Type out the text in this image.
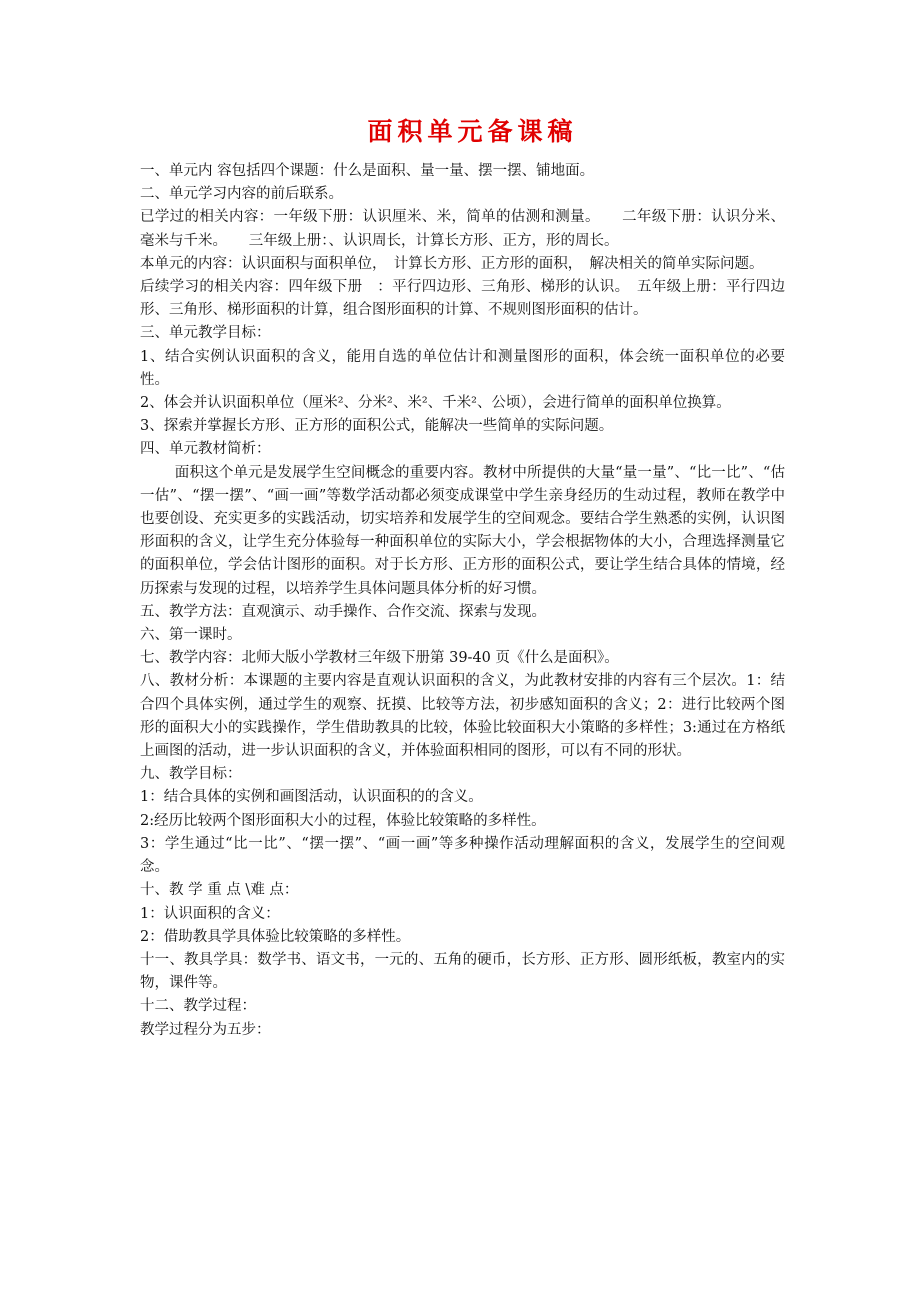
面积单元备课稿

一、单元内 容包括四个课题：什么是面积、量一量、摆一摆、铺地面。

二、单元学习内容的前后联系。

已学过的相关内容：一年级下册：认识厘米、米，简单的估测和测量。　　二年级下册：认识分米、毫米与千米。　　三年级上册：、认识周长，计算长方形、正方，形的周长。

本单元的内容：认识面积与面积单位，　计算长方形、正方形的面积，　解决相关的简单实际问题。

后续学习的相关内容：四年级下册　：平行四边形、三角形、梯形的认识。　五年级上册：平行四边形、三角形、梯形面积的计算，组合图形面积的计算、不规则图形面积的估计。

三、单元教学目标：

1、结合实例认识面积的含义，能用自选的单位估计和测量图形的面积，体会统一面积单位的必要性。

2、体会并认识面积单位（厘米²、分米²、米²、千米²、公顷），会进行简单的面积单位换算。

3、探索并掌握长方形、正方形的面积公式，能解决一些简单的实际问题。

四、单元教材简析：

面积这个单元是发展学生空间概念的重要内容。教材中所提供的大量“量一量”、“比一比”、“估一估”、“摆一摆”、“画一画”等数学活动都必须变成课堂中学生亲身经历的生动过程，教师在教学中也要创设、充实更多的实践活动，切实培养和发展学生的空间观念。要结合学生熟悉的实例，认识图形面积的含义，让学生充分体验每一种面积单位的实际大小，学会根据物体的大小，合理选择测量它的面积单位，学会估计图形的面积。对于长方形、正方形的面积公式，要让学生结合具体的情境，经历探索与发现的过程，以培养学生具体问题具体分析的好习惯。

五、教学方法：直观演示、动手操作、合作交流、探索与发现。

六、第一课时。

七、教学内容：北师大版小学教材三年级下册第 39-40 页《什么是面积》。

八、教材分析：本课题的主要内容是直观认识面积的含义，为此教材安排的内容有三个层次。1：结合四个具体实例，通过学生的观察、抚摸、比较等方法，初步感知面积的含义；2：进行比较两个图形的面积大小的实践操作，学生借助教具的比较，体验比较面积大小策略的多样性；3:通过在方格纸上画图的活动，进一步认识面积的含义，并体验面积相同的图形，可以有不同的形状。

九、教学目标：

1：结合具体的实例和画图活动，认识面积的的含义。

2:经历比较两个图形面积大小的过程，体验比较策略的多样性。

3：学生通过“比一比”、“摆一摆”、“画一画”等多种操作活动理解面积的含义，发展学生的空间观念。

十、教 学 重 点 \难 点：

1：认识面积的含义：

2：借助教具学具体验比较策略的多样性。

十一、教具学具：数学书、语文书，一元的、五角的硬币，长方形、正方形、圆形纸板，教室内的实物，课件等。

十二、教学过程：

教学过程分为五步：
